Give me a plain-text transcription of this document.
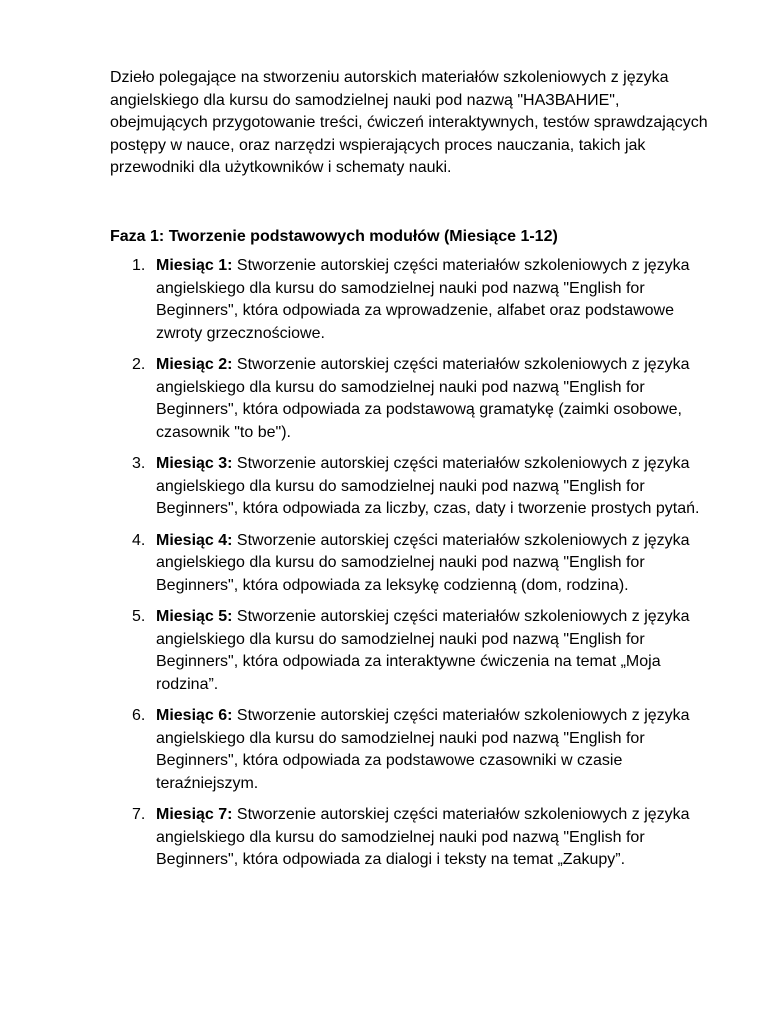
Dzieło polegające na stworzeniu autorskich materiałów szkoleniowych z języka angielskiego dla kursu do samodzielnej nauki pod nazwą "НАЗВАНИЕ", obejmujących przygotowanie treści, ćwiczeń interaktywnych, testów sprawdzających postępy w nauce, oraz narzędzi wspierających proces nauczania, takich jak przewodniki dla użytkowników i schematy nauki.

Faza 1: Tworzenie podstawowych modułów (Miesiące 1-12)

1. Miesiąc 1: Stworzenie autorskiej części materiałów szkoleniowych z języka angielskiego dla kursu do samodzielnej nauki pod nazwą "English for Beginners", która odpowiada za wprowadzenie, alfabet oraz podstawowe zwroty grzecznościowe.
2. Miesiąc 2: Stworzenie autorskiej części materiałów szkoleniowych z języka angielskiego dla kursu do samodzielnej nauki pod nazwą "English for Beginners", która odpowiada za podstawową gramatykę (zaimki osobowe, czasownik "to be").
3. Miesiąc 3: Stworzenie autorskiej części materiałów szkoleniowych z języka angielskiego dla kursu do samodzielnej nauki pod nazwą "English for Beginners", która odpowiada za liczby, czas, daty i tworzenie prostych pytań.
4. Miesiąc 4: Stworzenie autorskiej części materiałów szkoleniowych z języka angielskiego dla kursu do samodzielnej nauki pod nazwą "English for Beginners", która odpowiada za leksykę codzienną (dom, rodzina).
5. Miesiąc 5: Stworzenie autorskiej części materiałów szkoleniowych z języka angielskiego dla kursu do samodzielnej nauki pod nazwą "English for Beginners", która odpowiada za interaktywne ćwiczenia na temat „Moja rodzina”.
6. Miesiąc 6: Stworzenie autorskiej części materiałów szkoleniowych z języka angielskiego dla kursu do samodzielnej nauki pod nazwą "English for Beginners", która odpowiada za podstawowe czasowniki w czasie teraźniejszym.
7. Miesiąc 7: Stworzenie autorskiej części materiałów szkoleniowych z języka angielskiego dla kursu do samodzielnej nauki pod nazwą "English for Beginners", która odpowiada za dialogi i teksty na temat „Zakupy”.
